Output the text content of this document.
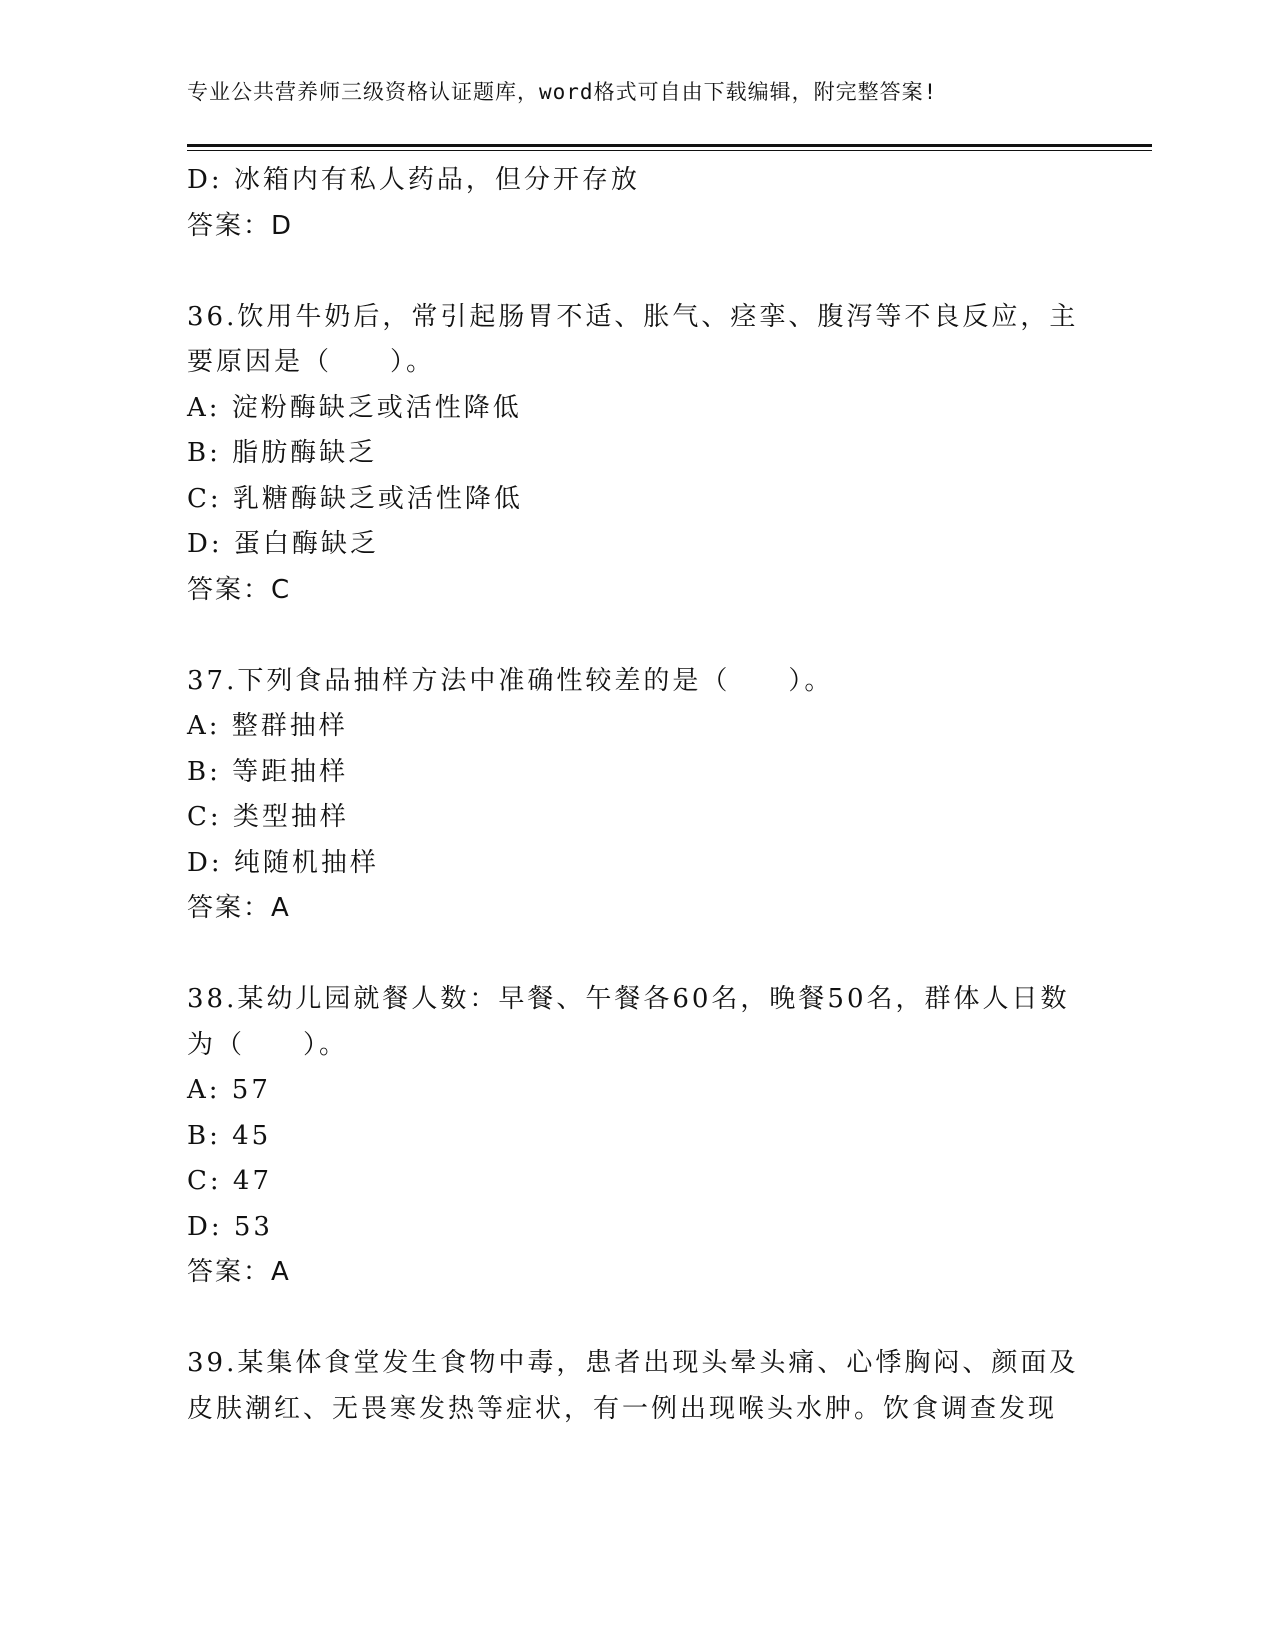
专业公共营养师三级资格认证题库，word格式可自由下载编辑，附完整答案!
D: 冰箱内有私人药品，但分开存放
答案：D
36.饮用牛奶后，常引起肠胃不适、胀气、痉挛、腹泻等不良反应，主
要原因是（　　）。
A: 淀粉酶缺乏或活性降低
B: 脂肪酶缺乏
C: 乳糖酶缺乏或活性降低
D: 蛋白酶缺乏
答案：C
37.下列食品抽样方法中准确性较差的是（　　）。
A: 整群抽样
B: 等距抽样
C: 类型抽样
D: 纯随机抽样
答案：A
38.某幼儿园就餐人数：早餐、午餐各60名，晚餐50名，群体人日数
为（　　）。
A: 57
B: 45
C: 47
D: 53
答案：A
39.某集体食堂发生食物中毒，患者出现头晕头痛、心悸胸闷、颜面及
皮肤潮红、无畏寒发热等症状，有一例出现喉头水肿。饮食调查发现
